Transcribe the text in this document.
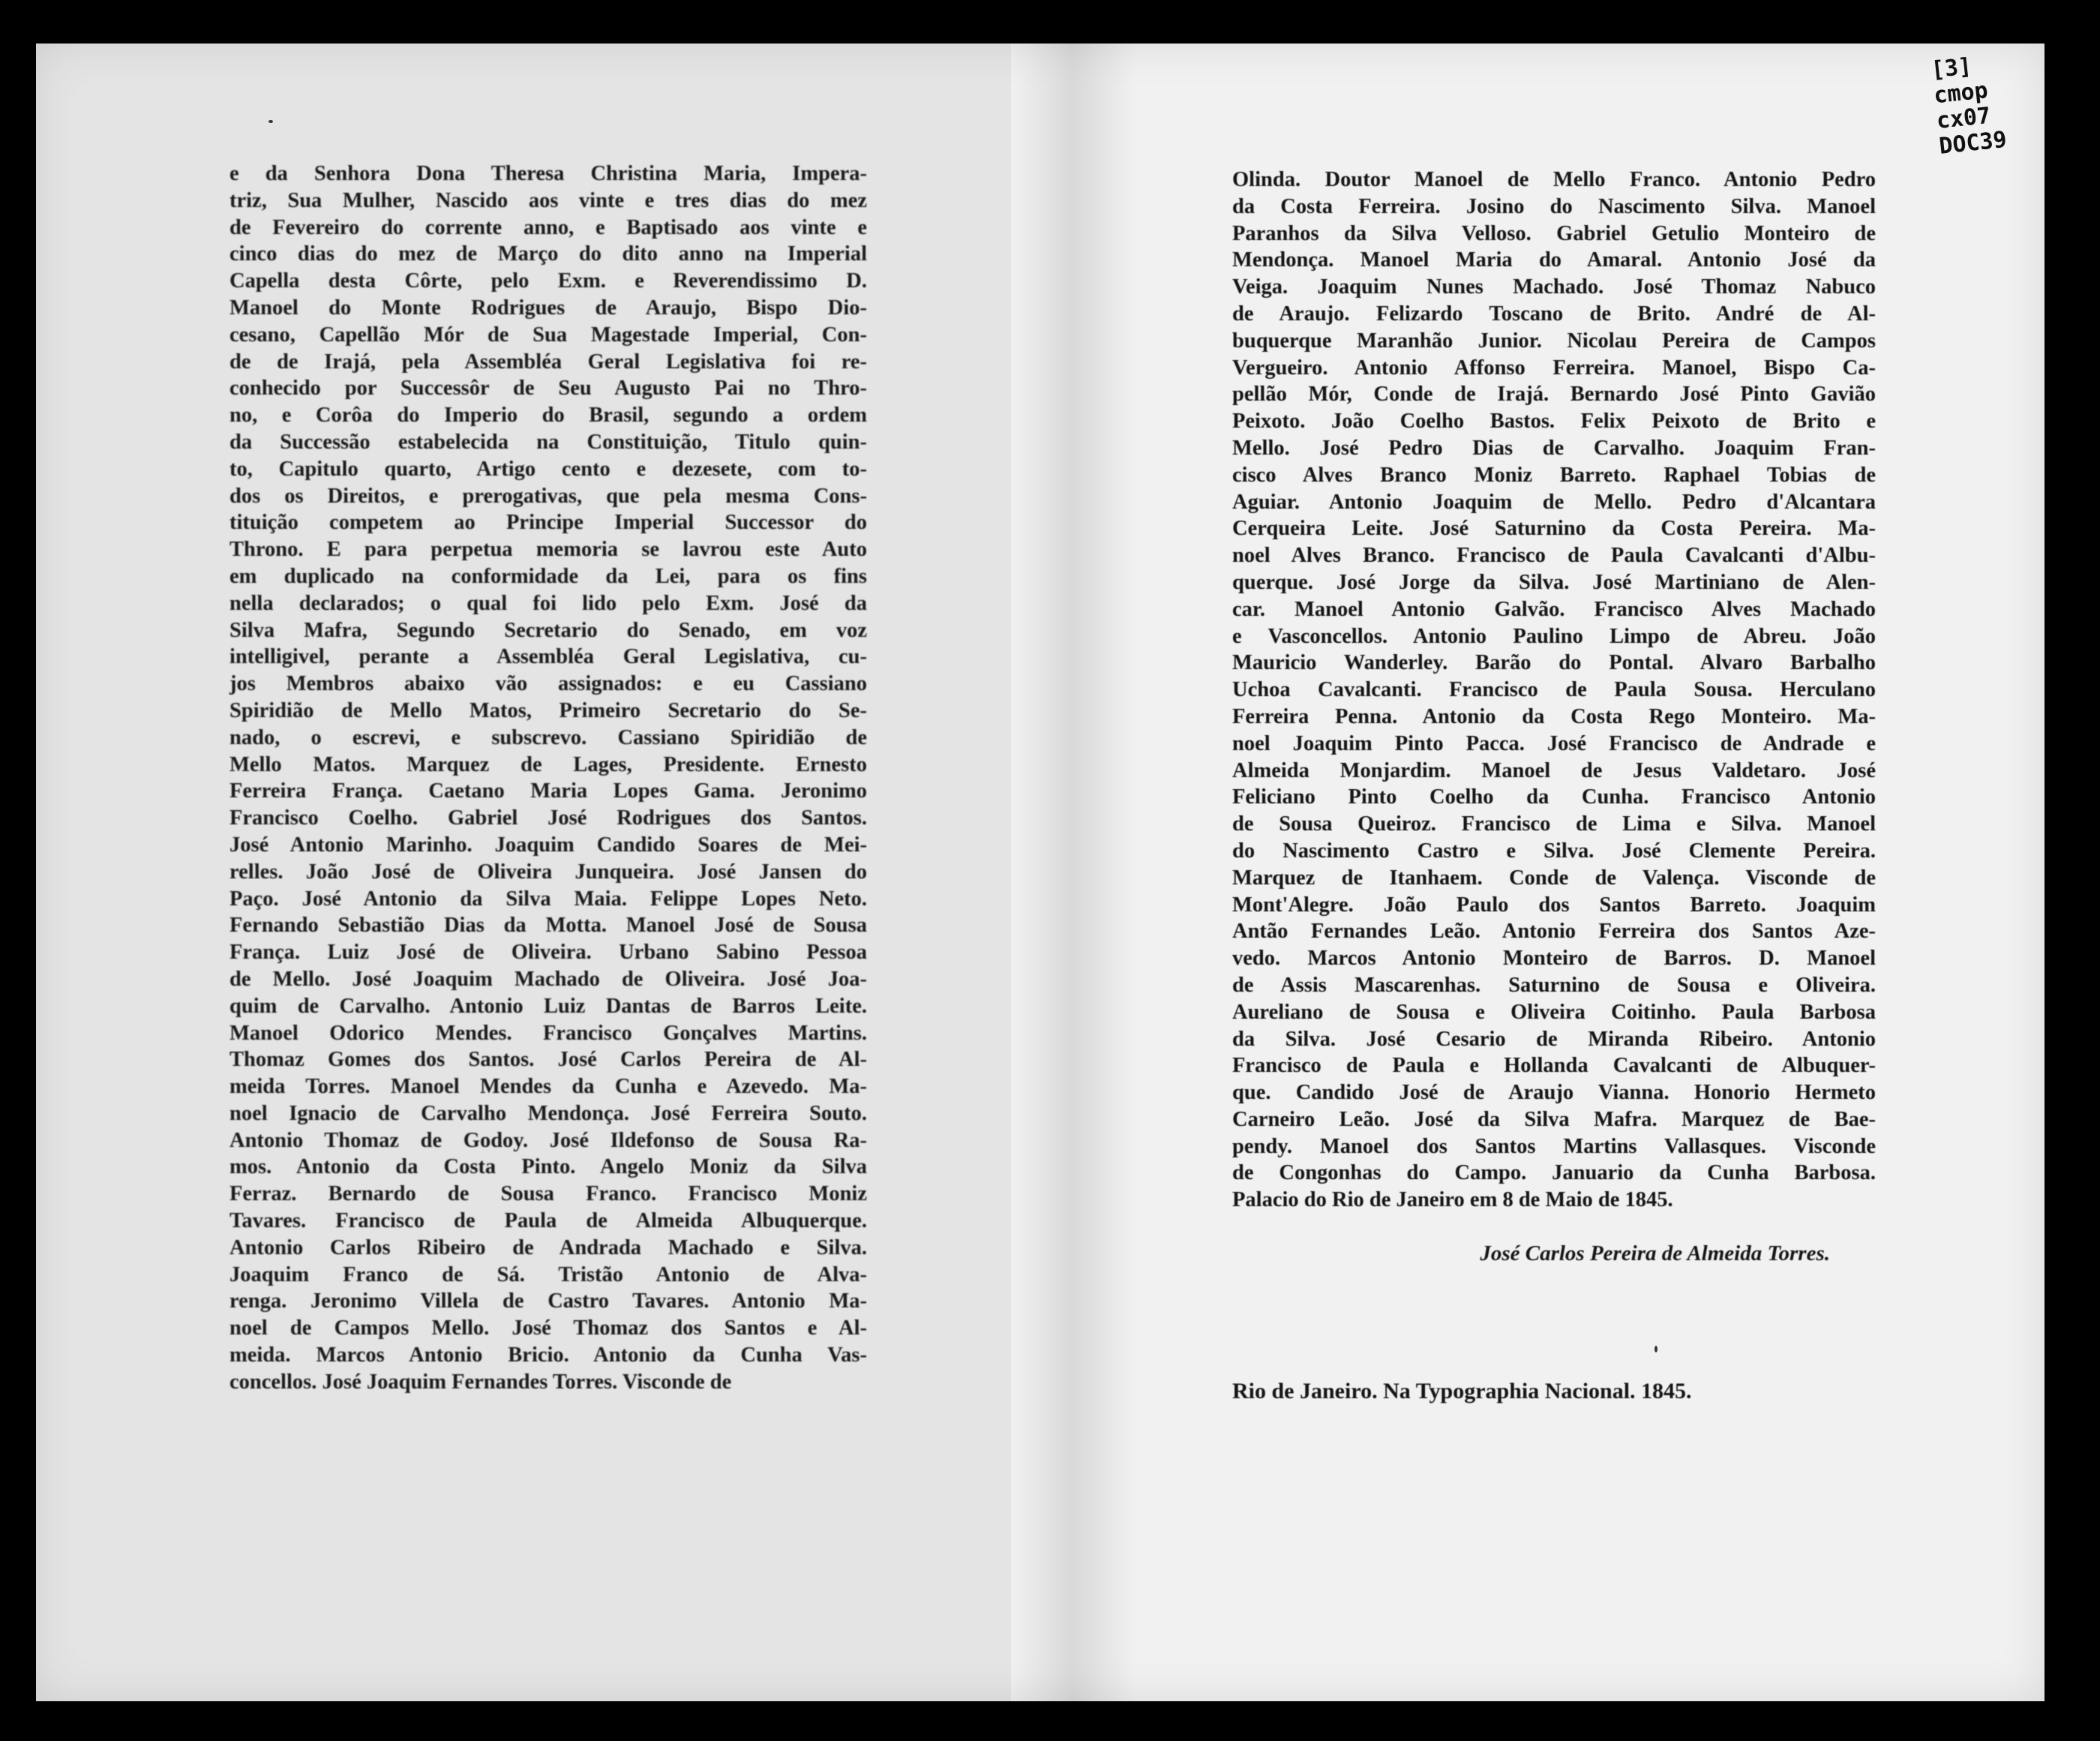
e da Senhora Dona Theresa Christina Maria, Impera-
triz, Sua Mulher, Nascido aos vinte e tres dias do mez
de Fevereiro do corrente anno, e Baptisado aos vinte e
cinco dias do mez de Março do dito anno na Imperial
Capella desta Côrte, pelo Exm. e Reverendissimo D.
Manoel do Monte Rodrigues de Araujo, Bispo Dio-
cesano, Capellão Mór de Sua Magestade Imperial, Con-
de de Irajá, pela Assembléa Geral Legislativa foi re-
conhecido por Successôr de Seu Augusto Pai no Thro-
no, e Corôa do Imperio do Brasil, segundo a ordem
da Successão estabelecida na Constituição, Titulo quin-
to, Capitulo quarto, Artigo cento e dezesete, com to-
dos os Direitos, e prerogativas, que pela mesma Cons-
tituição competem ao Principe Imperial Successor do
Throno. E para perpetua memoria se lavrou este Auto
em duplicado na conformidade da Lei, para os fins
nella declarados; o qual foi lido pelo Exm. José da
Silva Mafra, Segundo Secretario do Senado, em voz
intelligivel, perante a Assembléa Geral Legislativa, cu-
jos Membros abaixo vão assignados: e eu Cassiano
Spiridião de Mello Matos, Primeiro Secretario do Se-
nado, o escrevi, e subscrevo. Cassiano Spiridião de
Mello Matos. Marquez de Lages, Presidente. Ernesto
Ferreira França. Caetano Maria Lopes Gama. Jeronimo
Francisco Coelho. Gabriel José Rodrigues dos Santos.
José Antonio Marinho. Joaquim Candido Soares de Mei-
relles. João José de Oliveira Junqueira. José Jansen do
Paço. José Antonio da Silva Maia. Felippe Lopes Neto.
Fernando Sebastião Dias da Motta. Manoel José de Sousa
França. Luiz José de Oliveira. Urbano Sabino Pessoa
de Mello. José Joaquim Machado de Oliveira. José Joa-
quim de Carvalho. Antonio Luiz Dantas de Barros Leite.
Manoel Odorico Mendes. Francisco Gonçalves Martins.
Thomaz Gomes dos Santos. José Carlos Pereira de Al-
meida Torres. Manoel Mendes da Cunha e Azevedo. Ma-
noel Ignacio de Carvalho Mendonça. José Ferreira Souto.
Antonio Thomaz de Godoy. José Ildefonso de Sousa Ra-
mos. Antonio da Costa Pinto. Angelo Moniz da Silva
Ferraz. Bernardo de Sousa Franco. Francisco Moniz
Tavares. Francisco de Paula de Almeida Albuquerque.
Antonio Carlos Ribeiro de Andrada Machado e Silva.
Joaquim Franco de Sá. Tristão Antonio de Alva-
renga. Jeronimo Villela de Castro Tavares. Antonio Ma-
noel de Campos Mello. José Thomaz dos Santos e Al-
meida. Marcos Antonio Bricio. Antonio da Cunha Vas-
concellos. José Joaquim Fernandes Torres. Visconde de
Olinda. Doutor Manoel de Mello Franco. Antonio Pedro
da Costa Ferreira. Josino do Nascimento Silva. Manoel
Paranhos da Silva Velloso. Gabriel Getulio Monteiro de
Mendonça. Manoel Maria do Amaral. Antonio José da
Veiga. Joaquim Nunes Machado. José Thomaz Nabuco
de Araujo. Felizardo Toscano de Brito. André de Al-
buquerque Maranhão Junior. Nicolau Pereira de Campos
Vergueiro. Antonio Affonso Ferreira. Manoel, Bispo Ca-
pellão Mór, Conde de Irajá. Bernardo José Pinto Gavião
Peixoto. João Coelho Bastos. Felix Peixoto de Brito e
Mello. José Pedro Dias de Carvalho. Joaquim Fran-
cisco Alves Branco Moniz Barreto. Raphael Tobias de
Aguiar. Antonio Joaquim de Mello. Pedro d'Alcantara
Cerqueira Leite. José Saturnino da Costa Pereira. Ma-
noel Alves Branco. Francisco de Paula Cavalcanti d'Albu-
querque. José Jorge da Silva. José Martiniano de Alen-
car. Manoel Antonio Galvão. Francisco Alves Machado
e Vasconcellos. Antonio Paulino Limpo de Abreu. João
Mauricio Wanderley. Barão do Pontal. Alvaro Barbalho
Uchoa Cavalcanti. Francisco de Paula Sousa. Herculano
Ferreira Penna. Antonio da Costa Rego Monteiro. Ma-
noel Joaquim Pinto Pacca. José Francisco de Andrade e
Almeida Monjardim. Manoel de Jesus Valdetaro. José
Feliciano Pinto Coelho da Cunha. Francisco Antonio
de Sousa Queiroz. Francisco de Lima e Silva. Manoel
do Nascimento Castro e Silva. José Clemente Pereira.
Marquez de Itanhaem. Conde de Valença. Visconde de
Mont'Alegre. João Paulo dos Santos Barreto. Joaquim
Antão Fernandes Leão. Antonio Ferreira dos Santos Aze-
vedo. Marcos Antonio Monteiro de Barros. D. Manoel
de Assis Mascarenhas. Saturnino de Sousa e Oliveira.
Aureliano de Sousa e Oliveira Coitinho. Paula Barbosa
da Silva. José Cesario de Miranda Ribeiro. Antonio
Francisco de Paula e Hollanda Cavalcanti de Albuquer-
que. Candido José de Araujo Vianna. Honorio Hermeto
Carneiro Leão. José da Silva Mafra. Marquez de Bae-
pendy. Manoel dos Santos Martins Vallasques. Visconde
de Congonhas do Campo. Januario da Cunha Barbosa.
Palacio do Rio de Janeiro em 8 de Maio de 1845.
José Carlos Pereira de Almeida Torres.
Rio de Janeiro. Na Typographia Nacional. 1845.
[3]
cmop
cx07
DOC39
